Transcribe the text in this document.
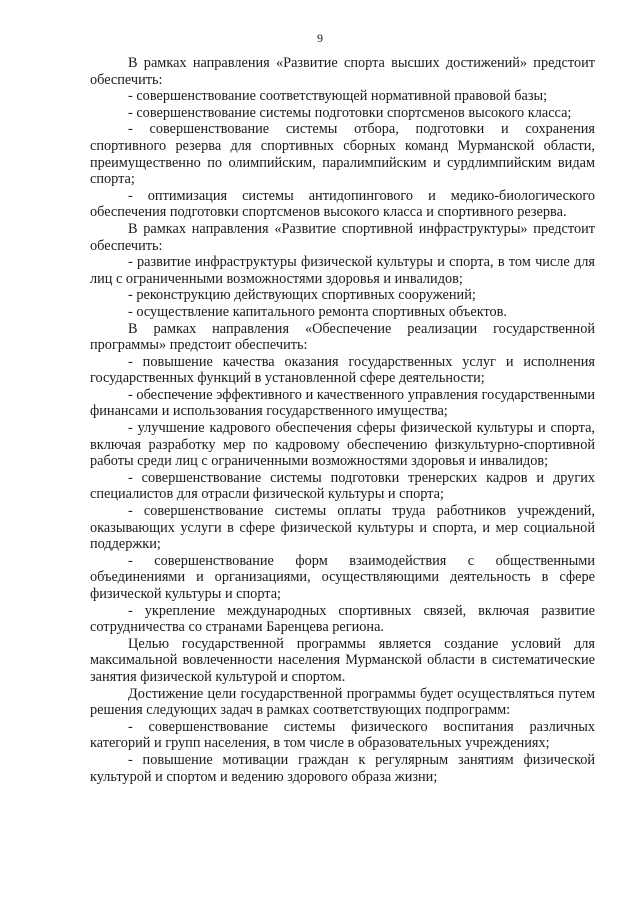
9

В рамках направления «Развитие спорта высших достижений» предстоит обеспечить:

- совершенствование соответствующей нормативной правовой базы;

- совершенствование системы подготовки спортсменов высокого класса;

- совершенствование системы отбора, подготовки и сохранения спортивного резерва для спортивных сборных команд Мурманской области, преимущественно по олимпийским, паралимпийским и сурдлимпийским видам спорта;

- оптимизация системы антидопингового и медико-биологического обеспечения подготовки спортсменов высокого класса и спортивного резерва.

В рамках направления «Развитие спортивной инфраструктуры» предстоит обеспечить:

- развитие инфраструктуры физической культуры и спорта, в том числе для лиц с ограниченными возможностями здоровья и инвалидов;

- реконструкцию действующих спортивных сооружений;

- осуществление капитального ремонта спортивных объектов.

В рамках направления «Обеспечение реализации государственной программы» предстоит обеспечить:

- повышение качества оказания государственных услуг и исполнения государственных функций в установленной сфере деятельности;

- обеспечение эффективного и качественного управления государственными финансами и использования государственного имущества;

- улучшение кадрового обеспечения сферы физической культуры и спорта, включая разработку мер по кадровому обеспечению физкультурно-спортивной работы среди лиц с ограниченными возможностями здоровья и инвалидов;

- совершенствование системы подготовки тренерских кадров и других специалистов для отрасли физической культуры и спорта;

- совершенствование системы оплаты труда работников учреждений, оказывающих услуги в сфере физической культуры и спорта, и мер социальной поддержки;

- совершенствование форм взаимодействия с общественными объединениями и организациями, осуществляющими деятельность в сфере физической культуры и спорта;

- укрепление международных спортивных связей, включая развитие сотрудничества со странами Баренцева региона.

Целью государственной программы является создание условий для максимальной вовлеченности населения Мурманской области в систематические занятия физической культурой и спортом.

Достижение цели государственной программы будет осуществляться путем решения следующих задач в рамках соответствующих подпрограмм:

- совершенствование системы физического воспитания различных категорий и групп населения, в том числе в образовательных учреждениях;

- повышение мотивации граждан к регулярным занятиям физической культурой и спортом и ведению здорового образа жизни;
